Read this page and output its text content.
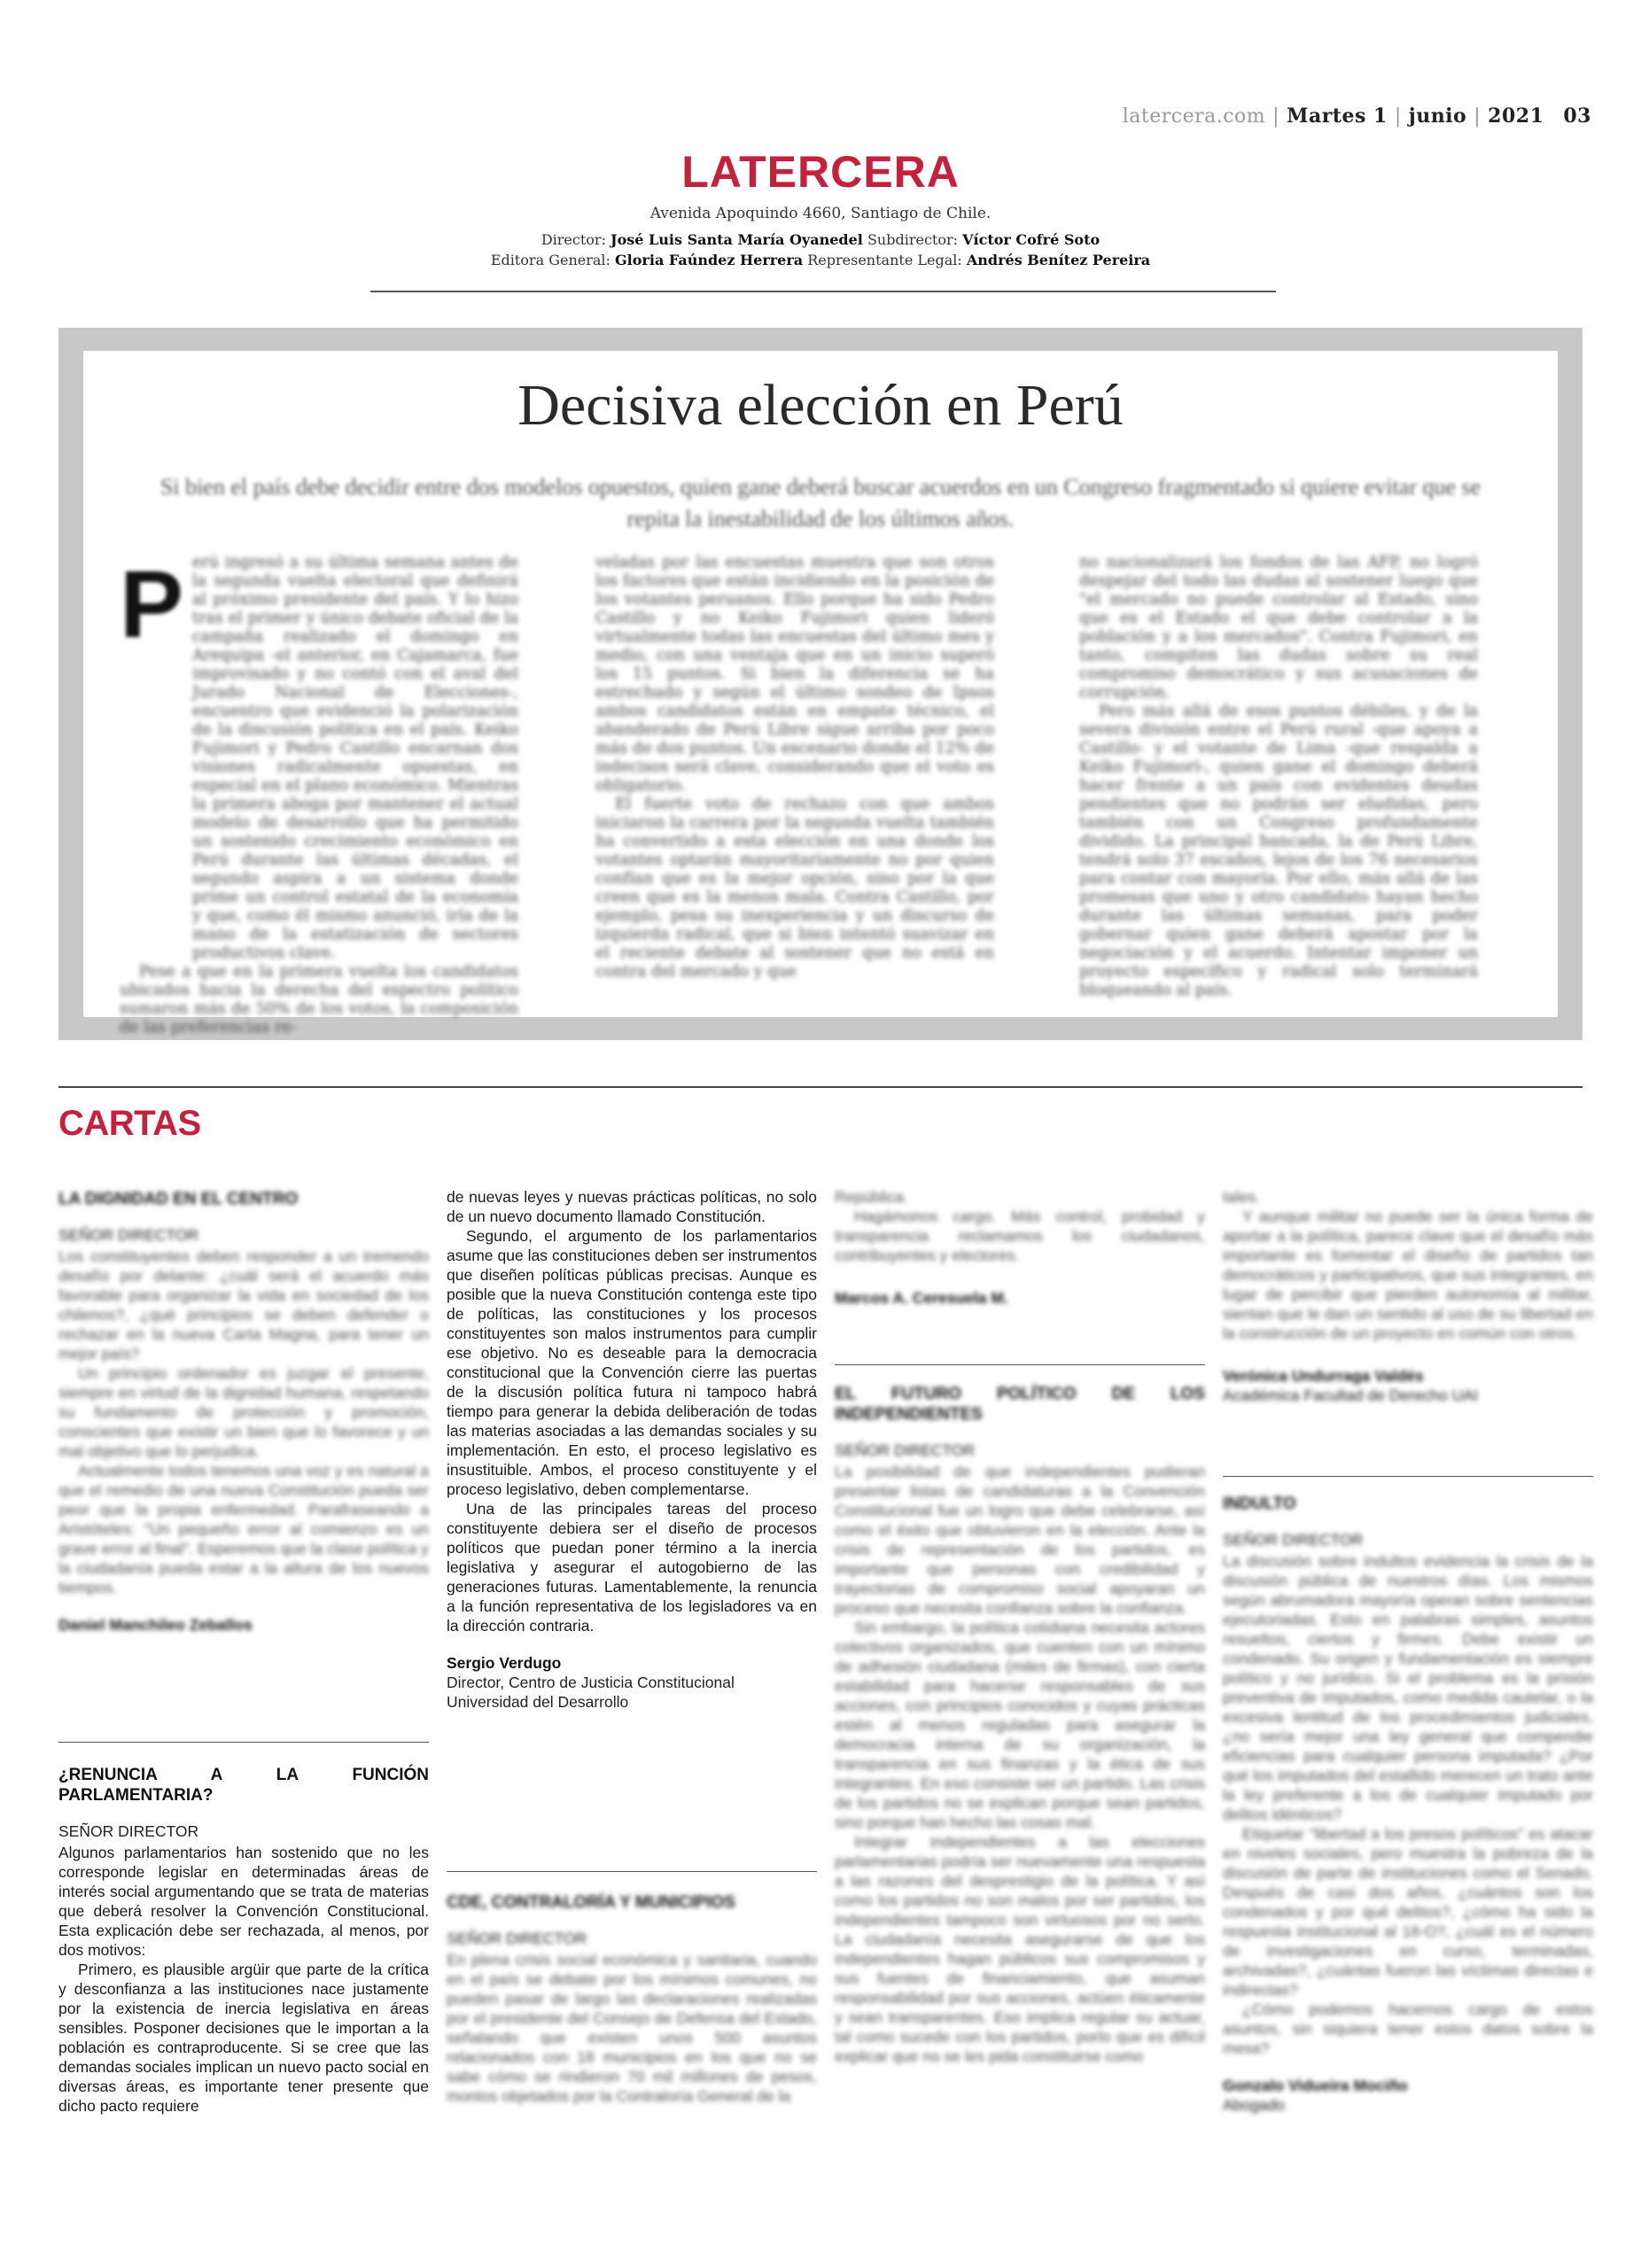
latercera.com | Martes 1 | junio | 2021 03
LATERCERA
Avenida Apoquindo 4660, Santiago de Chile.
Director: José Luis Santa María Oyanedel Subdirector: Víctor Cofré Soto
Editora General: Gloria Faúndez Herrera Representante Legal: Andrés Benítez Pereira
Decisiva elección en Perú
Si bien el país debe decidir entre dos modelos opuestos, quien gane deberá buscar acuerdos en un Congreso fragmentado si quiere evitar que se repita la inestabilidad de los últimos años.
P erú ingresó a su última semana antes de la segunda vuelta electoral que definirá al próximo presidente del país. Y lo hizo tras el primer y único debate oficial de la campaña realizado el domingo en Arequipa -el anterior, en Cajamarca, fue improvisado y no contó con el aval del Jurado Nacional de Elecciones-, encuentro que evidenció la polarización de la discusión política en el país. Keiko Fujimori y Pedro Castillo encarnan dos visiones radicalmente opuestas, en especial en el plano económico. Mientras la primera aboga por mantener el actual modelo de desarrollo que ha permitido un sostenido crecimiento económico en Perú durante las últimas décadas, el segundo aspira a un sistema donde prime un control estatal de la economía y que, como él mismo anunció, iría de la mano de la estatización de sectores productivos clave.

Pese a que en la primera vuelta los candidatos ubicados hacia la derecha del espectro político sumaron más de 50% de los votos, la composición de las preferencias re-

veladas por las encuestas muestra que son otros los factores que están incidiendo en la posición de los votantes peruanos. Ello porque ha sido Pedro Castillo y no Keiko Fujimori quien lideró virtualmente todas las encuestas del último mes y medio, con una ventaja que en un inicio superó los 15 puntos. Si bien la diferencia se ha estrechado y según el último sondeo de Ipsos ambos candidatos están en empate técnico, el abanderado de Perú Libre sigue arriba por poco más de dos puntos. Un escenario donde el 12% de indecisos será clave, considerando que el voto es obligatorio.

El fuerte voto de rechazo con que ambos iniciaron la carrera por la segunda vuelta también ha convertido a esta elección en una donde los votantes optarán mayoritariamente no por quien confían que es la mejor opción, sino por la que creen que es la menos mala. Contra Castillo, por ejemplo, pesa su inexperiencia y un discurso de izquierda radical, que si bien intentó suavizar en el reciente debate al sostener que no está en contra del mercado y que

no nacionalizará los fondos de las AFP, no logró despejar del todo las dudas al sostener luego que "el mercado no puede controlar al Estado, sino que es el Estado el que debe controlar a la población y a los mercados". Contra Fujimori, en tanto, compiten las dudas sobre su real compromiso democrático y sus acusaciones de corrupción.

Pero más allá de esos puntos débiles, y de la severa división entre el Perú rural -que apoya a Castillo- y el votante de Lima -que respalda a Keiko Fujimori-, quien gane el domingo deberá hacer frente a un país con evidentes deudas pendientes que no podrán ser eludidas, pero también con un Congreso profundamente dividido. La principal bancada, la de Perú Libre, tendrá solo 37 escaños, lejos de los 76 necesarios para contar con mayoría. Por ello, más allá de las promesas que uno y otro candidato hayan hecho durante las últimas semanas, para poder gobernar quien gane deberá apostar por la negociación y el acuerdo. Intentar imponer un proyecto específico y radical solo terminará bloqueando al país.

CARTAS
LA DIGNIDAD EN EL CENTRO
SEÑOR DIRECTOR

Los constituyentes deben responder a un tremendo desafío por delante: ¿cuál será el acuerdo más favorable para organizar la vida en sociedad de los chilenos?, ¿qué principios se deben defender o rechazar en la nueva Carta Magna, para tener un mejor país?

Un principio ordenador es juzgar el presente, siempre en virtud de la dignidad humana, respetando su fundamento de protección y promoción, conscientes que existir un bien que lo favorece y un mal objetivo que lo perjudica.

Actualmente todos tenemos una voz y es natural a que el remedio de una nueva Constitución pueda ser peor que la propia enfermedad. Parafraseando a Aristóteles: "Un pequeño error al comienzo es un grave error al final". Esperemos que la clase política y la ciudadanía pueda estar a la altura de los nuevos tiempos.

Daniel Manchileo Zeballos
¿RENUNCIA A LA FUNCIÓN PARLAMENTARIA?
SEÑOR DIRECTOR

Algunos parlamentarios han sostenido que no les corresponde legislar en determinadas áreas de interés social argumentando que se trata de materias que deberá resolver la Convención Constitucional. Esta explicación debe ser rechazada, al menos, por dos motivos:

Primero, es plausible argüir que parte de la crítica y desconfianza a las instituciones nace justamente por la existencia de inercia legislativa en áreas sensibles. Posponer decisiones que le importan a la población es contraproducente. Si se cree que las demandas sociales implican un nuevo pacto social en diversas áreas, es importante tener presente que dicho pacto requiere

de nuevas leyes y nuevas prácticas políticas, no solo de un nuevo documento llamado Constitución.

Segundo, el argumento de los parlamentarios asume que las constituciones deben ser instrumentos que diseñen políticas públicas precisas. Aunque es posible que la nueva Constitución contenga este tipo de políticas, las constituciones y los procesos constituyentes son malos instrumentos para cumplir ese objetivo. No es deseable para la democracia constitucional que la Convención cierre las puertas de la discusión política futura ni tampoco habrá tiempo para generar la debida deliberación de todas las materias asociadas a las demandas sociales y su implementación. En esto, el proceso legislativo es insustituible. Ambos, el proceso constituyente y el proceso legislativo, deben complementarse.

Una de las principales tareas del proceso constituyente debiera ser el diseño de procesos políticos que puedan poner término a la inercia legislativa y asegurar el autogobierno de las generaciones futuras. Lamentablemente, la renuncia a la función representativa de los legisladores va en la dirección contraria.

Sergio Verdugo
Director, Centro de Justicia Constitucional
Universidad del Desarrollo
CDE, CONTRALORÍA Y MUNICIPIOS
SEÑOR DIRECTOR

En plena crisis social económica y sanitaria, cuando en el país se debate por los mínimos comunes, no pueden pasar de largo las declaraciones realizadas por el presidente del Consejo de Defensa del Estado, señalando que existen unos 500 asuntos relacionados con 18 municipios en los que no se sabe cómo se rindieron 70 mil millones de pesos, montos objetados por la Contraloría General de la

República.

Hagámonos cargo. Más control, probidad y transparencia reclamamos los ciudadanos, contribuyentes y electores.

Marcos A. Ceresuela M.
EL FUTURO POLÍTICO DE LOS INDEPENDIENTES
SEÑOR DIRECTOR

La posibilidad de que independientes pudieran presentar listas de candidaturas a la Convención Constitucional fue un logro que debe celebrarse, así como el éxito que obtuvieron en la elección. Ante la crisis de representación de los partidos, es importante que personas con credibilidad y trayectorias de compromiso social apoyaran un proceso que necesita confianza sobre la confianza.

Sin embargo, la política cotidiana necesita actores colectivos organizados, que cuenten con un mínimo de adhesión ciudadana (miles de firmas), con cierta estabilidad para hacerse responsables de sus acciones, con principios conocidos y cuyas prácticas estén al menos reguladas para asegurar la democracia interna de su organización, la transparencia en sus finanzas y la ética de sus integrantes. En eso consiste ser un partido. Las crisis de los partidos no se explican porque sean partidos, sino porque han hecho las cosas mal.

Integrar independientes a las elecciones parlamentarias podría ser nuevamente una respuesta a las razones del desprestigio de la política. Y así como los partidos no son malos por ser partidos, los independientes tampoco son virtuosos por no serlo. La ciudadanía necesita asegurarse de que los independientes hagan públicos sus compromisos y sus fuentes de financiamiento, que asuman responsabilidad por sus acciones, actúen éticamente y sean transparentes. Eso implica regular su actuar, tal como sucede con los partidos, porlo que es difícil explicar que no se les pida constituirse como

tales.

Y aunque militar no puede ser la única forma de aportar a la política, parece clave que el desafío más importante es fomentar el diseño de partidos tan democráticos y participativos, que sus integrantes, en lugar de percibir que pierden autonomía al militar, sientan que le dan un sentido al uso de su libertad en la construcción de un proyecto en común con otros.

Verónica Undurraga Valdés
Académica Facultad de Derecho UAI
INDULTO
SEÑOR DIRECTOR

La discusión sobre indultos evidencia la crisis de la discusión pública de nuestros días. Los mismos según abrumadora mayoría operan sobre sentencias ejecutoriadas. Esto en palabras simples, asuntos resueltos, ciertos y firmes. Debe existir un condenado. Su origen y fundamentación es siempre político y no jurídico. Si el problema es la prisión preventiva de imputados, como medida cautelar, o la excesiva lentitud de los procedimientos judiciales, ¿no sería mejor una ley general que compendie eficiencias para cualquier persona imputada? ¿Por qué los imputados del estallido merecen un trato ante la ley preferente a los de cualquier imputado por delitos idénticos?

Etiquetar "libertad a los presos políticos" es atacar en niveles sociales, pero muestra la pobreza de la discusión de parte de instituciones como el Senado. Después de casi dos años, ¿cuántos son los condenados y por qué delitos?, ¿cómo ha sido la respuesta institucional al 18-O?, ¿cuál es el número de investigaciones en curso, terminadas, archivadas?, ¿cuántas fueron las víctimas directas e indirectas?

¿Cómo podemos hacernos cargo de estos asuntos, sin siquiera tener estos datos sobre la mesa?

Gonzalo Vidueira Mociño
Abogado
